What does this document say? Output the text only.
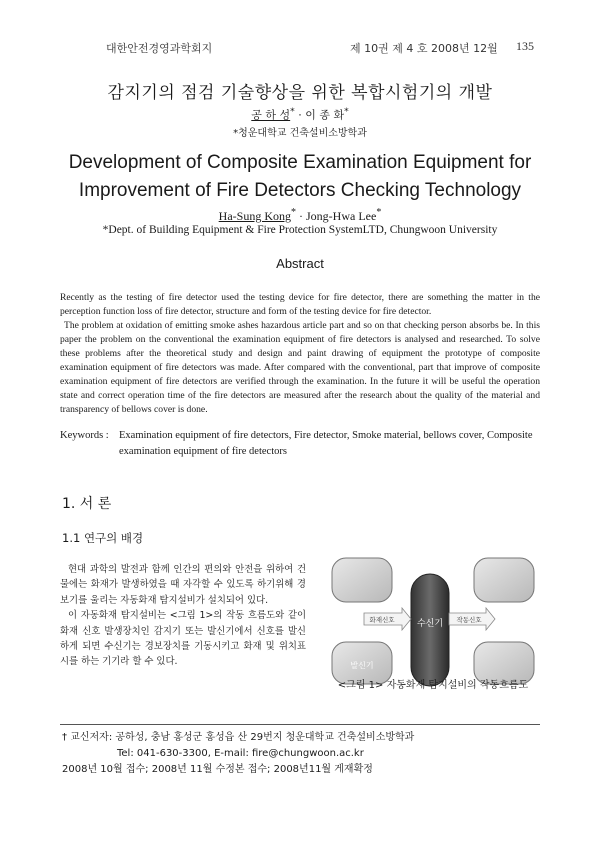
대한안전경영과학회지	제 10권 제 4 호 2008년 12월 135
감지기의 점검 기술향상을 위한 복합시험기의 개발
공 하 성* · 이 종 화*
*청운대학교 건축설비소방학과
Development of Composite Examination Equipment for
Improvement of Fire Detectors Checking Technology
Ha-Sung Kong* · Jong-Hwa Lee*
*Dept. of Building Equipment & Fire Protection SystemLTD, Chungwoon University
Abstract

Recently as the testing of fire detector used the testing device for fire detector, there are something the matter in the perception function loss of fire detector, structure and form of the testing device for fire detector.

The problem at oxidation of emitting smoke ashes hazardous article part and so on that checking person absorbs be. In this paper the problem on the conventional the examination equipment of fire detectors is analysed and researched. To solve these problems after the theoretical study and design and paint drawing of equipment the prototype of composite examination equipment of fire detectors was made. After compared with the conventional, part that improve of composite examination equipment of fire detectors are verified through the examination. In the future it will be useful the operation state and correct operation time of the fire detectors are measured after the research about the quality of the material and transparency of bellows cover is done.

Keywords : Examination equipment of fire detectors, Fire detector, Smoke material, bellows cover, Composite examination equipment of fire detectors
1. 서 론
1.1 연구의 배경

현대 과학의 발전과 함께 인간의 편의와 안전을 위하여 건물에는 화재가 발생하였을 때 자각할 수 있도록 하기위해 경보기를 울리는 자동화재 탐지설비가 설치되어 있다.

이 자동화재 탐지설비는 <그림 1>의 작동 흐름도와 같이 화재 신호 발생장치인 감지기 또는 발신기에서 신호를 발신하게 되면 수신기는 경보장치를 기동시키고 화재 및 위치표시를 하는 기기라 할 수 있다.	발신기
수신기
화재신호	작동신호
<그림 1> 자동화재 탐지설비의 작동흐름도
† 교신저자: 공하성, 충남 홍성군 홍성읍 산 29번지 청운대학교 건축설비소방학과
Tel: 041-630-3300, E-mail: fire@chungwoon.ac.kr
2008년 10월 접수; 2008년 11월 수정본 접수; 2008년11월 게재확정
